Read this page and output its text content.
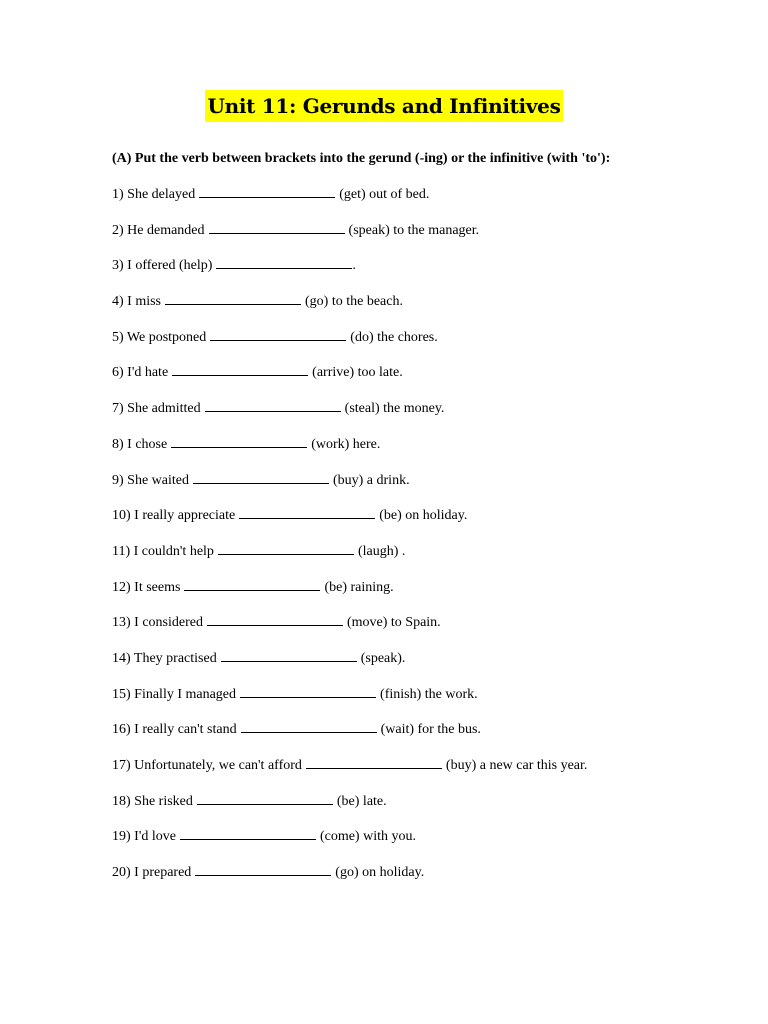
Unit 11: Gerunds and Infinitives
(A) Put the verb between brackets into the gerund (-ing) or the infinitive (with 'to'):
1) She delayed	(get) out of bed.
2) He demanded	(speak) to the manager.
3) I offered (help)	.
4) I miss	(go) to the beach.
5) We postponed	(do) the chores.
6) I'd hate	(arrive) too late.
7) She admitted	(steal) the money.
8) I chose	(work) here.
9) She waited	(buy) a drink.
10) I really appreciate	(be) on holiday.
11) I couldn't help	(laugh) .
12) It seems	(be) raining.
13) I considered	(move) to Spain.
14) They practised	(speak).
15) Finally I managed	(finish) the work.
16) I really can't stand	(wait) for the bus.
17) Unfortunately, we can't afford	(buy) a new car this year.
18) She risked	(be) late.
19) I'd love	(come) with you.
20) I prepared	(go) on holiday.
